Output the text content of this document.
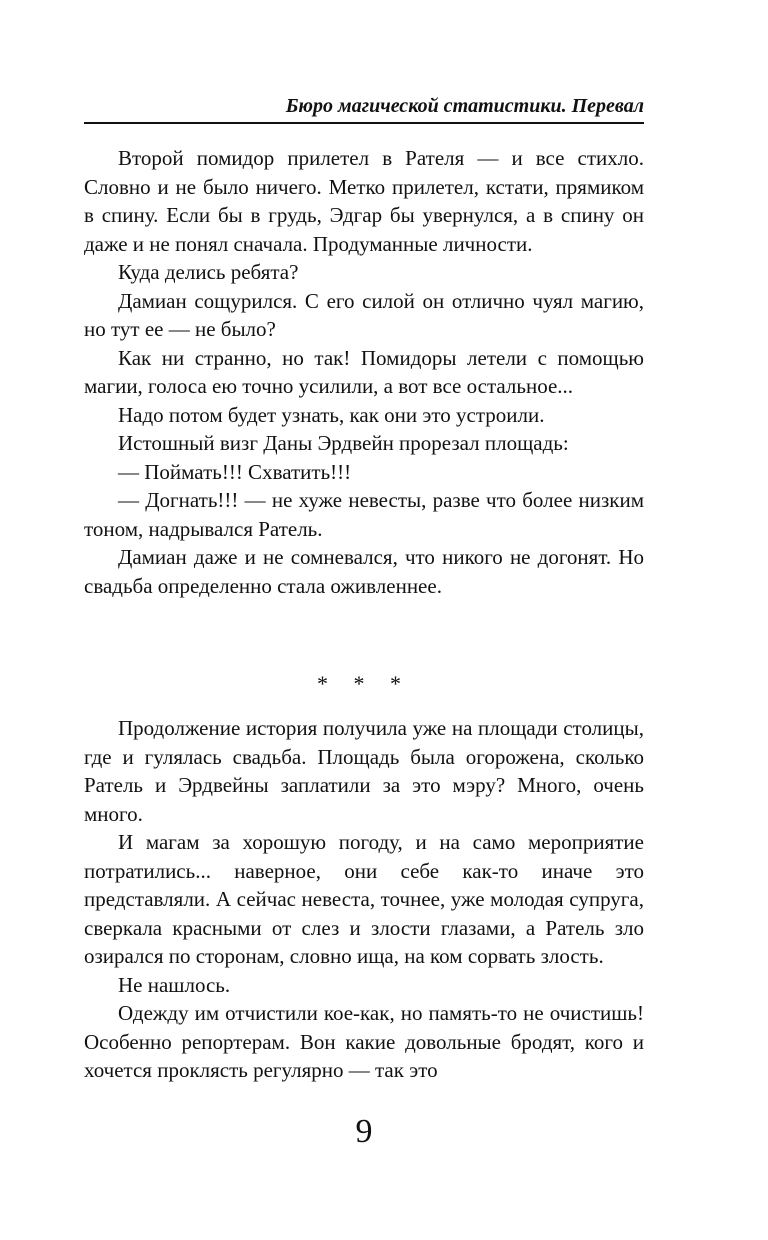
Бюро магической статистики. Перевал

Второй помидор прилетел в Рателя — и все стихло. Словно и не было ничего. Метко прилетел, кстати, прямиком в спину. Если бы в грудь, Эдгар бы увернулся, а в спину он даже и не понял сначала. Продуманные личности.

Куда делись ребята?

Дамиан сощурился. С его силой он отлично чуял магию, но тут ее — не было?

Как ни странно, но так! Помидоры летели с помощью магии, голоса ею точно усилили, а вот все остальное...

Надо потом будет узнать, как они это устроили.

Истошный визг Даны Эрдвейн прорезал площадь:

— Поймать!!! Схватить!!!

— Догнать!!! — не хуже невесты, разве что более низким тоном, надрывался Ратель.

Дамиан даже и не сомневался, что никого не догонят. Но свадьба определенно стала оживленнее.

* * *

Продолжение история получила уже на площади столицы, где и гулялась свадьба. Площадь была огорожена, сколько Ратель и Эрдвейны заплатили за это мэру? Много, очень много.

И магам за хорошую погоду, и на само мероприятие потратились... наверное, они себе как-то иначе это представляли. А сейчас невеста, точнее, уже молодая супруга, сверкала красными от слез и злости глазами, а Ратель зло озирался по сторонам, словно ища, на ком сорвать злость.

Не нашлось.

Одежду им отчистили кое-как, но память-то не очистишь! Особенно репортерам. Вон какие довольные бродят, кого и хочется проклясть регулярно — так это

9
